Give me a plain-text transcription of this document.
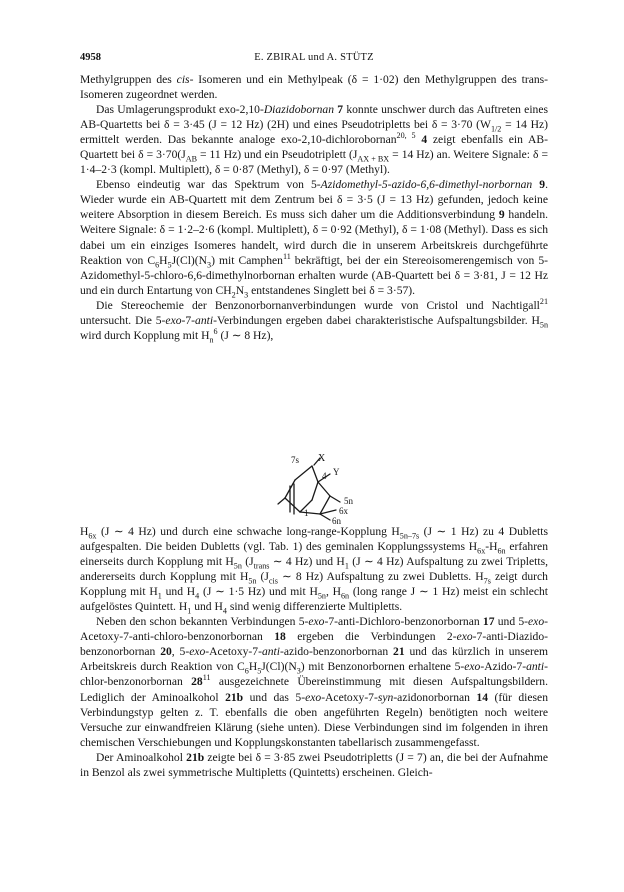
4958	E. ZBIRAL und A. STÜTZ

Methylgruppen des cis- Isomeren und ein Methylpeak (δ = 1·02) den Methylgruppen des trans-Isomeren zugeordnet werden.

Das Umlagerungsprodukt exo-2,10-Diazidobornan 7 konnte unschwer durch das Auftreten eines AB-Quartetts bei δ = 3·45 (J = 12 Hz) (2H) und eines Pseudotripletts bei δ = 3·70 ($W_{1/2} = 14$ Hz) ermittelt werden. Das bekannte analoge exo-2,10-dichlorobornan$^{20, 5}$ 4 zeigt ebenfalls ein AB-Quartett bei $\delta = 3\cdot 70(J_{AB} = 11$ Hz) und ein Pseudotriplett ($J_{AX + BX} = 14$ Hz) an. Weitere Signale: δ = 1·4–2·3 (kompl. Multiplett), δ = 0·87 (Methyl), δ = 0·97 (Methyl).

Ebenso eindeutig war das Spektrum von 5-Azidomethyl-5-azido-6,6-dimethyl-norbornan 9. Wieder wurde ein AB-Quartett mit dem Zentrum bei δ = 3·5 (J = 13 Hz) gefunden, jedoch keine weitere Absorption in diesem Bereich. Es muss sich daher um die Additionsverbindung 9 handeln. Weitere Signale: δ = 1·2–2·6 (kompl. Multiplett), δ = 0·92 (Methyl), δ = 1·08 (Methyl). Dass es sich dabei um ein einziges Isomeres handelt, wird durch die in unserem Arbeitskreis durchgeführte Reaktion von $C_6H_5J(Cl)(N_3)$ mit Camphen$^{11}$ bekräftigt, bei der ein Stereoisomerengemisch von 5-Azidomethyl-5-chloro-6,6-dimethylnorbornan erhalten wurde (AB-Quartett bei δ = 3·81, J = 12 Hz und ein durch Entartung von $CH_2N_3$ entstandenes Singlett bei δ = 3·57).

Die Stereochemie der Benzonorbornanverbindungen wurde von Cristol und Nachtigall$^{21}$ untersucht. Die 5-exo-7-anti-Verbindungen ergeben dabei charakteristische Aufspaltungsbilder. $H_{5n}$ wird durch Kopplung mit $H_n^6$ (J ∼ 8 Hz),

7s X
4 Y
5n
6x
6n
1

$H_{6x}$ (J ∼ 4 Hz) und durch eine schwache long-range-Kopplung $H_{5n-7s}$ (J ∼ 1 Hz) zu 4 Dubletts aufgespalten. Die beiden Dubletts (vgl. Tab. 1) des geminalen Kopplungssystems $H_{6x}-H_{6n}$ erfahren einerseits durch Kopplung mit $H_{5n}$ ($J_{trans}$ ∼ 4 Hz) und $H_1$ (J ∼ 4 Hz) Aufspaltung zu zwei Tripletts, andererseits durch Kopplung mit $H_{5n}$ ($J_{cis}$ ∼ 8 Hz) Aufspaltung zu zwei Dubletts. $H_{7s}$ zeigt durch Kopplung mit $H_1$ und $H_4$ (J ∼ 1·5 Hz) und mit $H_{5n}$, $H_{6n}$ (long range J ∼ 1 Hz) meist ein schlecht aufgelöstes Quintett. $H_1$ und $H_4$ sind wenig differenzierte Multipletts.

Neben den schon bekannten Verbindungen 5-exo-7-anti-Dichloro-benzonorbornan 17 und 5-exo-Acetoxy-7-anti-chloro-benzonorbornan 18 ergeben die Verbindungen 2-exo-7-anti-Diazido-benzonorbornan 20, 5-exo-Acetoxy-7-anti-azido-benzonorbornan 21 und das kürzlich in unserem Arbeitskreis durch Reaktion von $C_6H_5J(Cl)(N_3)$ mit Benzonorbornen erhaltene 5-exo-Azido-7-anti-chlor-benzonorbornan $28^{11}$ ausgezeichnete Übereinstimmung mit diesen Aufspaltungsbildern. Lediglich der Aminoalkohol 21b und das 5-exo-Acetoxy-7-syn-azidonorbornan 14 (für diesen Verbindungstyp gelten z. T. ebenfalls die oben angeführten Regeln) benötigten noch weitere Versuche zur einwandfreien Klärung (siehe unten). Diese Verbindungen sind im folgenden in ihren chemischen Verschiebungen und Kopplungskonstanten tabellarisch zusammengefasst.

Der Aminoalkohol 21b zeigte bei δ = 3·85 zwei Pseudotripletts (J = 7) an, die bei der Aufnahme in Benzol als zwei symmetrische Multipletts (Quintetts) erscheinen. Gleich-
